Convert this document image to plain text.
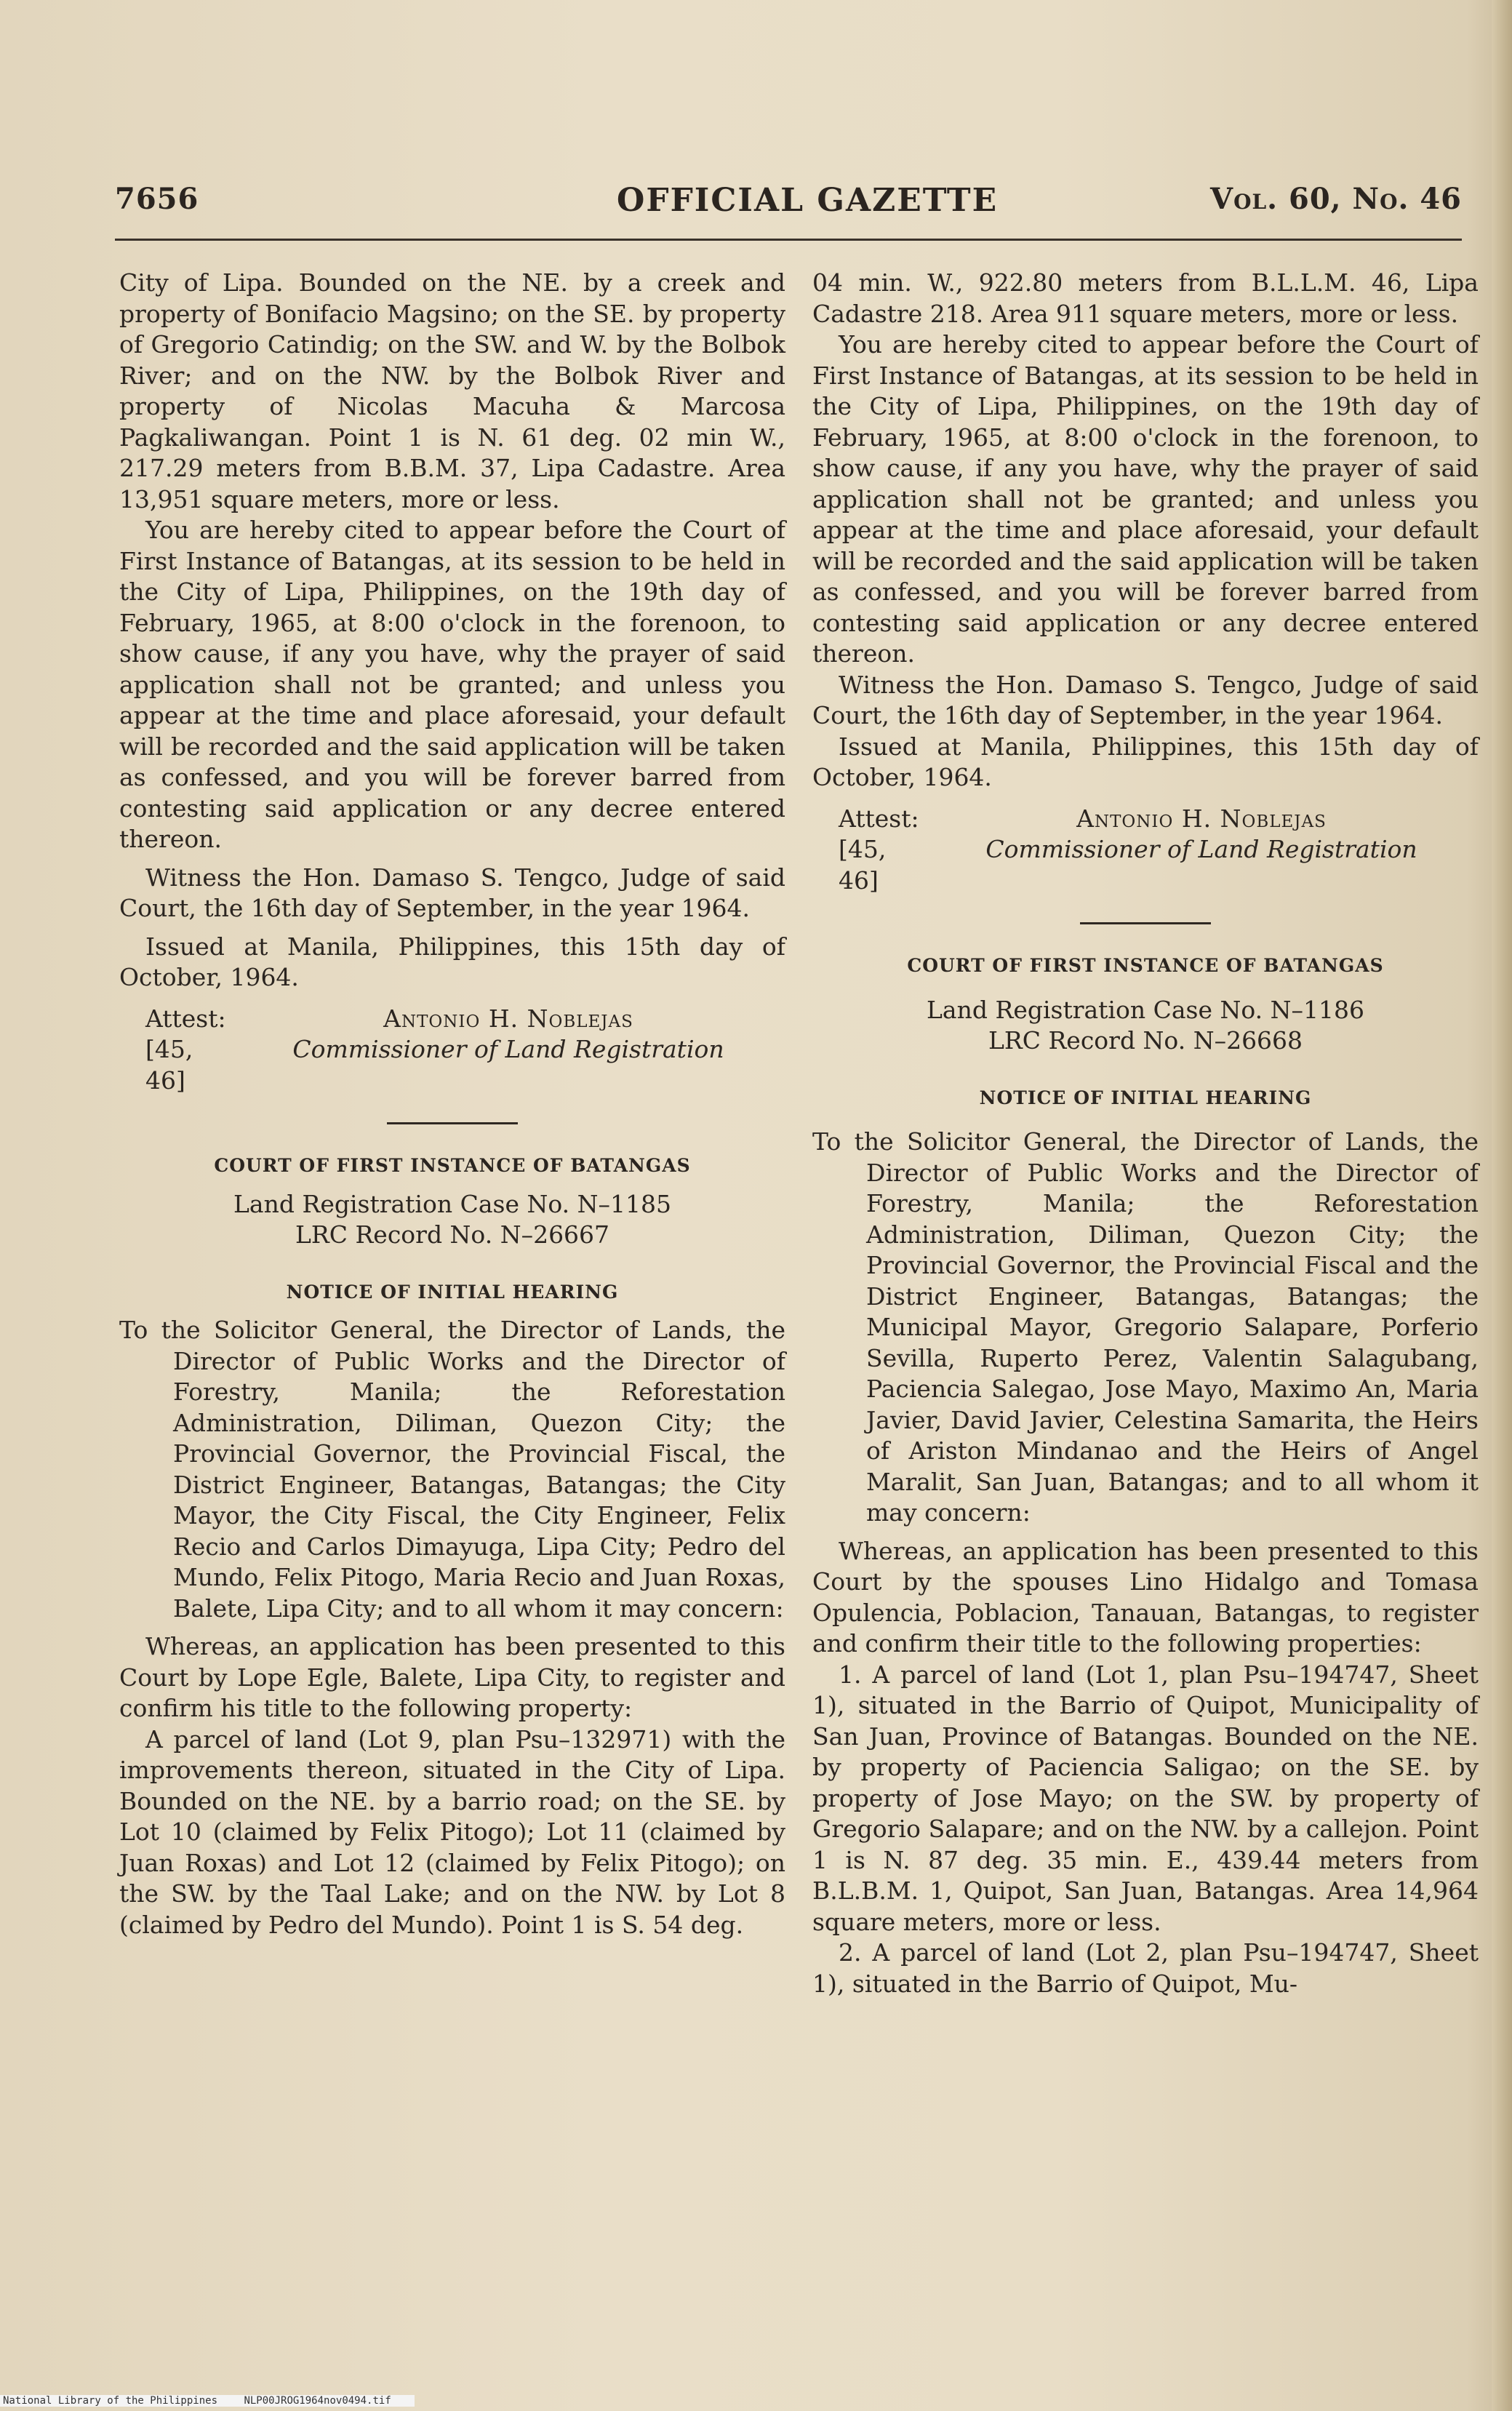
7656	OFFICIAL GAZETTE	Vol. 60, No. 46

City of Lipa. Bounded on the NE. by a creek and property of Bonifacio Magsino; on the SE. by property of Gregorio Catindig; on the SW. and W. by the Bolbok River; and on the NW. by the Bolbok River and property of Nicolas Macuha & Marcosa Pagkaliwangan. Point 1 is N. 61 deg. 02 min W., 217.29 meters from B.B.M. 37, Lipa Cadastre. Area 13,951 square meters, more or less.

You are hereby cited to appear before the Court of First Instance of Batangas, at its session to be held in the City of Lipa, Philippines, on the 19th day of February, 1965, at 8:00 o'clock in the forenoon, to show cause, if any you have, why the prayer of said application shall not be granted; and unless you appear at the time and place aforesaid, your default will be recorded and the said application will be taken as confessed, and you will be forever barred from contesting said application or any decree entered thereon.

Witness the Hon. Damaso S. Tengco, Judge of said Court, the 16th day of September, in the year 1964.

Issued at Manila, Philippines, this 15th day of October, 1964.

Attest:	Antonio H. Noblejas
[45, 46]
Commissioner of Land Registration

COURT OF FIRST INSTANCE OF BATANGAS

Land Registration Case No. N–1185

LRC Record No. N–26667

NOTICE OF INITIAL HEARING

To the Solicitor General, the Director of Lands, the Director of Public Works and the Director of Forestry, Manila; the Reforestation Administration, Diliman, Quezon City; the Provincial Governor, the Provincial Fiscal, the District Engineer, Batangas, Batangas; the City Mayor, the City Fiscal, the City Engineer, Felix Recio and Carlos Dimayuga, Lipa City; Pedro del Mundo, Felix Pitogo, Maria Recio and Juan Roxas, Balete, Lipa City; and to all whom it may concern:

Whereas, an application has been presented to this Court by Lope Egle, Balete, Lipa City, to register and confirm his title to the following property:

A parcel of land (Lot 9, plan Psu–132971) with the improvements thereon, situated in the City of Lipa. Bounded on the NE. by a barrio road; on the SE. by Lot 10 (claimed by Felix Pitogo); Lot 11 (claimed by Juan Roxas) and Lot 12 (claimed by Felix Pitogo); on the SW. by the Taal Lake; and on the NW. by Lot 8 (claimed by Pedro del Mundo). Point 1 is S. 54 deg.

04 min. W., 922.80 meters from B.L.L.M. 46, Lipa Cadastre 218. Area 911 square meters, more or less.

You are hereby cited to appear before the Court of First Instance of Batangas, at its session to be held in the City of Lipa, Philippines, on the 19th day of February, 1965, at 8:00 o'clock in the forenoon, to show cause, if any you have, why the prayer of said application shall not be granted; and unless you appear at the time and place aforesaid, your default will be recorded and the said application will be taken as confessed, and you will be forever barred from contesting said application or any decree entered thereon.

Witness the Hon. Damaso S. Tengco, Judge of said Court, the 16th day of September, in the year 1964.

Issued at Manila, Philippines, this 15th day of October, 1964.

Attest:	Antonio H. Noblejas
[45, 46]
Commissioner of Land Registration

COURT OF FIRST INSTANCE OF BATANGAS

Land Registration Case No. N–1186

LRC Record No. N–26668

NOTICE OF INITIAL HEARING

To the Solicitor General, the Director of Lands, the Director of Public Works and the Director of Forestry, Manila; the Reforestation Administration, Diliman, Quezon City; the Provincial Governor, the Provincial Fiscal and the District Engineer, Batangas, Batangas; the Municipal Mayor, Gregorio Salapare, Porferio Sevilla, Ruperto Perez, Valentin Salagubang, Paciencia Salegao, Jose Mayo, Maximo An, Maria Javier, David Javier, Celestina Samarita, the Heirs of Ariston Mindanao and the Heirs of Angel Maralit, San Juan, Batangas; and to all whom it may concern:

Whereas, an application has been presented to this Court by the spouses Lino Hidalgo and Tomasa Opulencia, Poblacion, Tanauan, Batangas, to register and confirm their title to the following properties:

1. A parcel of land (Lot 1, plan Psu–194747, Sheet 1), situated in the Barrio of Quipot, Municipality of San Juan, Province of Batangas. Bounded on the NE. by property of Paciencia Saligao; on the SE. by property of Jose Mayo; on the SW. by property of Gregorio Salapare; and on the NW. by a callejon. Point 1 is N. 87 deg. 35 min. E., 439.44 meters from B.L.B.M. 1, Quipot, San Juan, Batangas. Area 14,964 square meters, more or less.

2. A parcel of land (Lot 2, plan Psu–194747, Sheet 1), situated in the Barrio of Quipot, Mu-

National Library of the Philippines	NLP00JROG1964nov0494.tif
